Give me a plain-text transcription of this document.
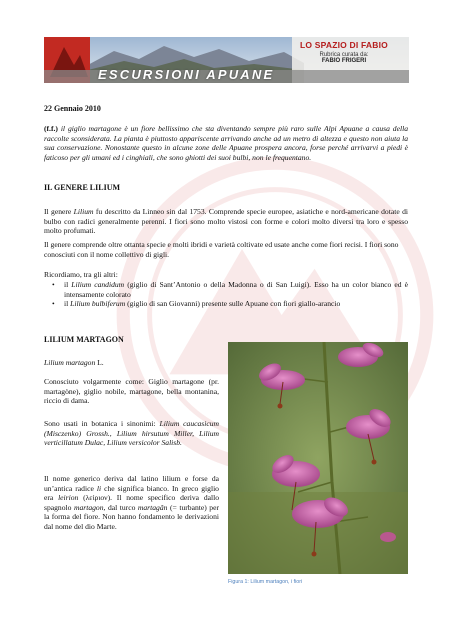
LO SPAZIO DI FABIO
Rubrica curata da:
FABIO FRIGERI
ESCURSIONI APUANE
22 Gennaio 2010
(f.f.) il giglio martagone è un fiore bellissimo che sta diventando sempre più raro sulle Alpi Apuane a causa della raccolte sconsiderata. La pianta è piuttosto appariscente arrivando anche ad un metro di altezza e questo non aiuta la sua conservazione. Nonostante questo in alcune zone delle Apuane prospera ancora, forse perché arrivarvi a piedi è faticoso per gli umani ed i cinghiali, che sono ghiotti dei suoi bulbi, non le frequentano.
IL GENERE LILIUM
Il genere Lilium fu descritto da Linneo sin dal 1753. Comprende specie europee, asiatiche e nord-americane dotate di bulbo con radici generalmente perenni. I fiori sono molto vistosi con forme e colori molto diversi tra loro e spesso molto profumati.
Il genere comprende oltre ottanta specie e molti ibridi e varietà coltivate ed usate anche come fiori recisi. I fiori sono conosciuti con il nome collettivo di gigli.
Ricordiamo, tra gli altri:
• il Lilium candidum (giglio di Sant’Antonio o della Madonna o di San Luigi). Esso ha un color bianco ed è intensamente colorato
• il Lilium bulbiferum (giglio di san Giovanni) presente sulle Apuane con fiori giallo-arancio
LILIUM MARTAGON
Lilium martagon L.
Conosciuto volgarmente come: Giglio martagone (pr. martagòne), giglio nobile, martagone, bella montanina, riccio di dama.
Sono usati in botanica i sinonimi: Lilium caucasicum (Misczenko) Grossh., Lilium hirsutum Miller, Lilium verticillatum Dulac, Lilium versicolor Salisb.
Il nome generico deriva dal latino lilium e forse da un’antica radice li che significa bianco. In greco giglio era leirion (λείριον). Il nome specifico deriva dallo spagnolo martagon, dal turco martagân (= turbante) per la forma del fiore. Non hanno fondamento le derivazioni dal nome del dio Marte.
Figura 1: Lilium martagon, i fiori
